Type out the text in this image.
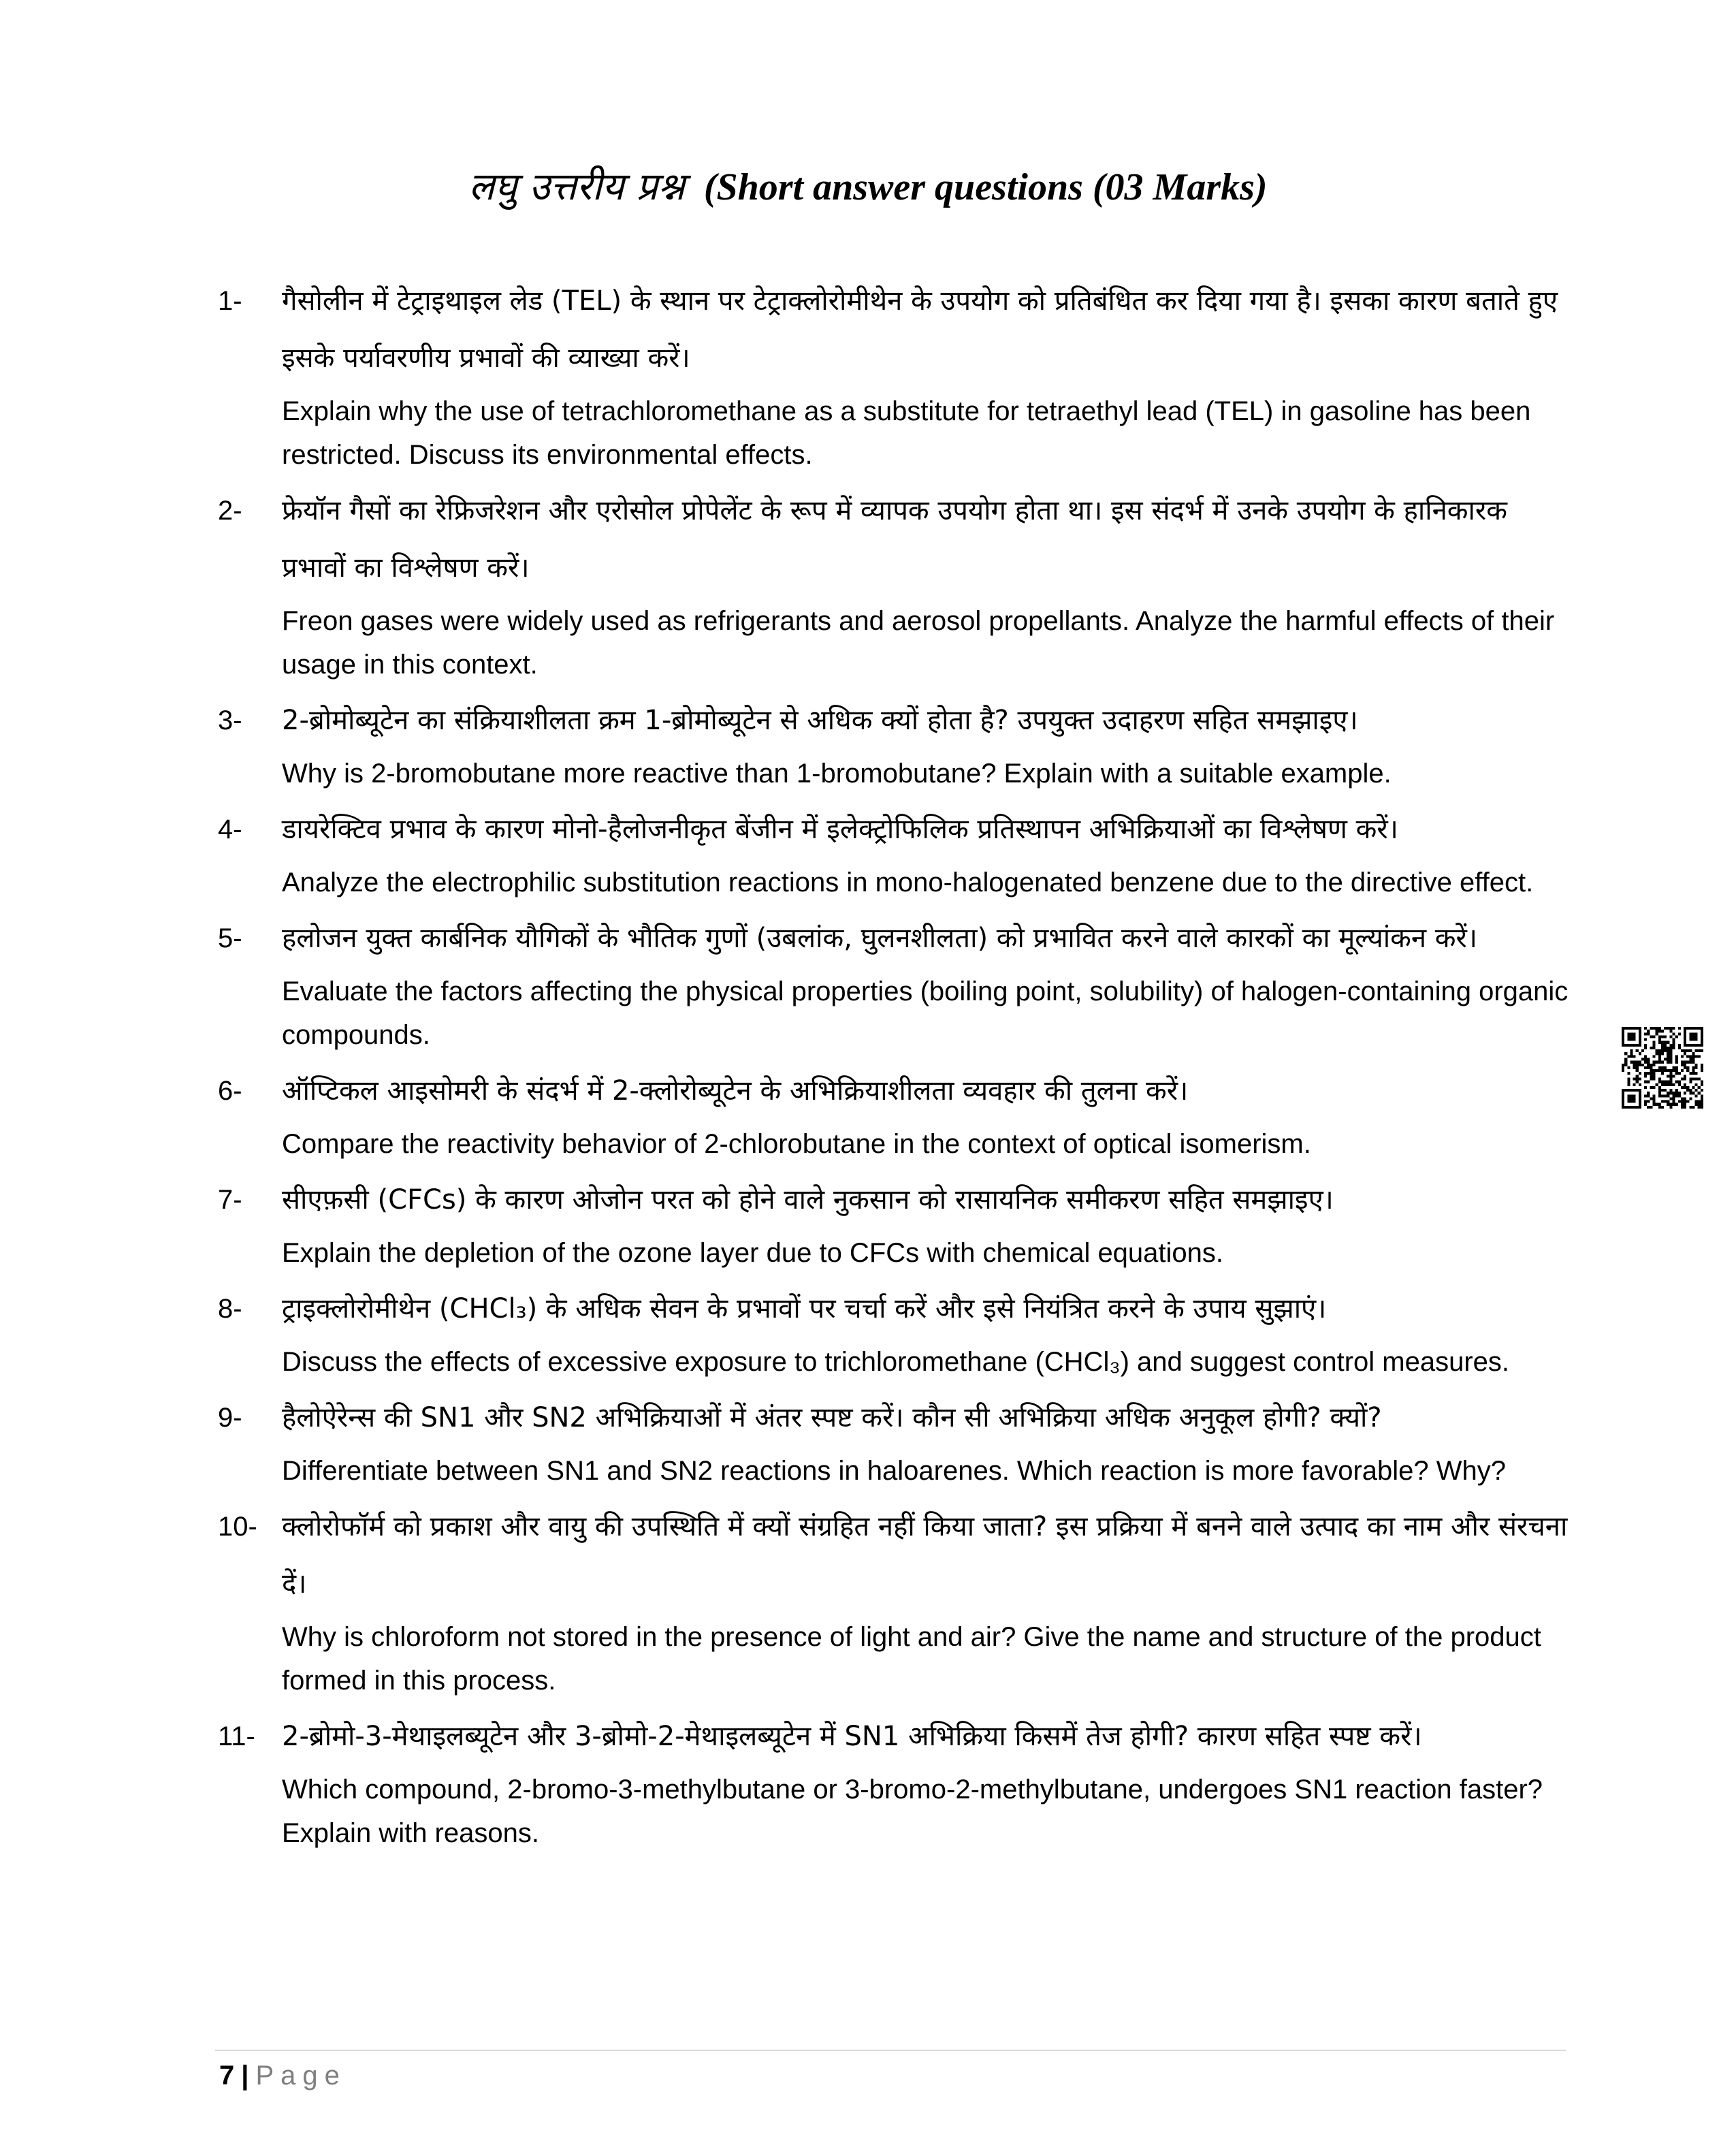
लघु उत्तरीय प्रश्न (Short answer questions (03 Marks)
1-	गैसोलीन में टेट्राइथाइल लेड (TEL) के स्थान पर टेट्राक्लोरोमीथेन के उपयोग को प्रतिबंधित कर दिया गया है। इसका कारण बताते हुए इसके पर्यावरणीय प्रभावों की व्याख्या करें।

Explain why the use of tetrachloromethane as a substitute for tetraethyl lead (TEL) in gasoline has been restricted. Discuss its environmental effects.

2-	फ्रेयॉन गैसों का रेफ्रिजरेशन और एरोसोल प्रोपेलेंट के रूप में व्यापक उपयोग होता था। इस संदर्भ में उनके उपयोग के हानिकारक प्रभावों का विश्लेषण करें।

Freon gases were widely used as refrigerants and aerosol propellants. Analyze the harmful effects of their usage in this context.

3-	2-ब्रोमोब्यूटेन का संक्रियाशीलता क्रम 1-ब्रोमोब्यूटेन से अधिक क्यों होता है? उपयुक्त उदाहरण सहित समझाइए।

Why is 2-bromobutane more reactive than 1-bromobutane? Explain with a suitable example.

4-	डायरेक्टिव प्रभाव के कारण मोनो-हैलोजनीकृत बेंजीन में इलेक्ट्रोफिलिक प्रतिस्थापन अभिक्रियाओं का विश्लेषण करें।

Analyze the electrophilic substitution reactions in mono-halogenated benzene due to the directive effect.

5-	हलोजन युक्त कार्बनिक यौगिकों के भौतिक गुणों (उबलांक, घुलनशीलता) को प्रभावित करने वाले कारकों का मूल्यांकन करें।

Evaluate the factors affecting the physical properties (boiling point, solubility) of halogen-containing organic compounds.

6-	ऑप्टिकल आइसोमरी के संदर्भ में 2-क्लोरोब्यूटेन के अभिक्रियाशीलता व्यवहार की तुलना करें।

Compare the reactivity behavior of 2-chlorobutane in the context of optical isomerism.

7-	सीएफ़सी (CFCs) के कारण ओजोन परत को होने वाले नुकसान को रासायनिक समीकरण सहित समझाइए।

Explain the depletion of the ozone layer due to CFCs with chemical equations.

8-	ट्राइक्लोरोमीथेन (CHCl₃) के अधिक सेवन के प्रभावों पर चर्चा करें और इसे नियंत्रित करने के उपाय सुझाएं।

Discuss the effects of excessive exposure to trichloromethane (CHCl₃) and suggest control measures.

9-	हैलोऐरेन्स की SN1 और SN2 अभिक्रियाओं में अंतर स्पष्ट करें। कौन सी अभिक्रिया अधिक अनुकूल होगी? क्यों?

Differentiate between SN1 and SN2 reactions in haloarenes. Which reaction is more favorable? Why?

10- क्लोरोफॉर्म को प्रकाश और वायु की उपस्थिति में क्यों संग्रहित नहीं किया जाता? इस प्रक्रिया में बनने वाले उत्पाद का नाम और संरचना दें।

Why is chloroform not stored in the presence of light and air? Give the name and structure of the product formed in this process.

11- 2-ब्रोमो-3-मेथाइलब्यूटेन और 3-ब्रोमो-2-मेथाइलब्यूटेन में SN1 अभिक्रिया किसमें तेज होगी? कारण सहित स्पष्ट करें।

Which compound, 2-bromo-3-methylbutane or 3-bromo-2-methylbutane, undergoes SN1 reaction faster? Explain with reasons.

7 | Page
